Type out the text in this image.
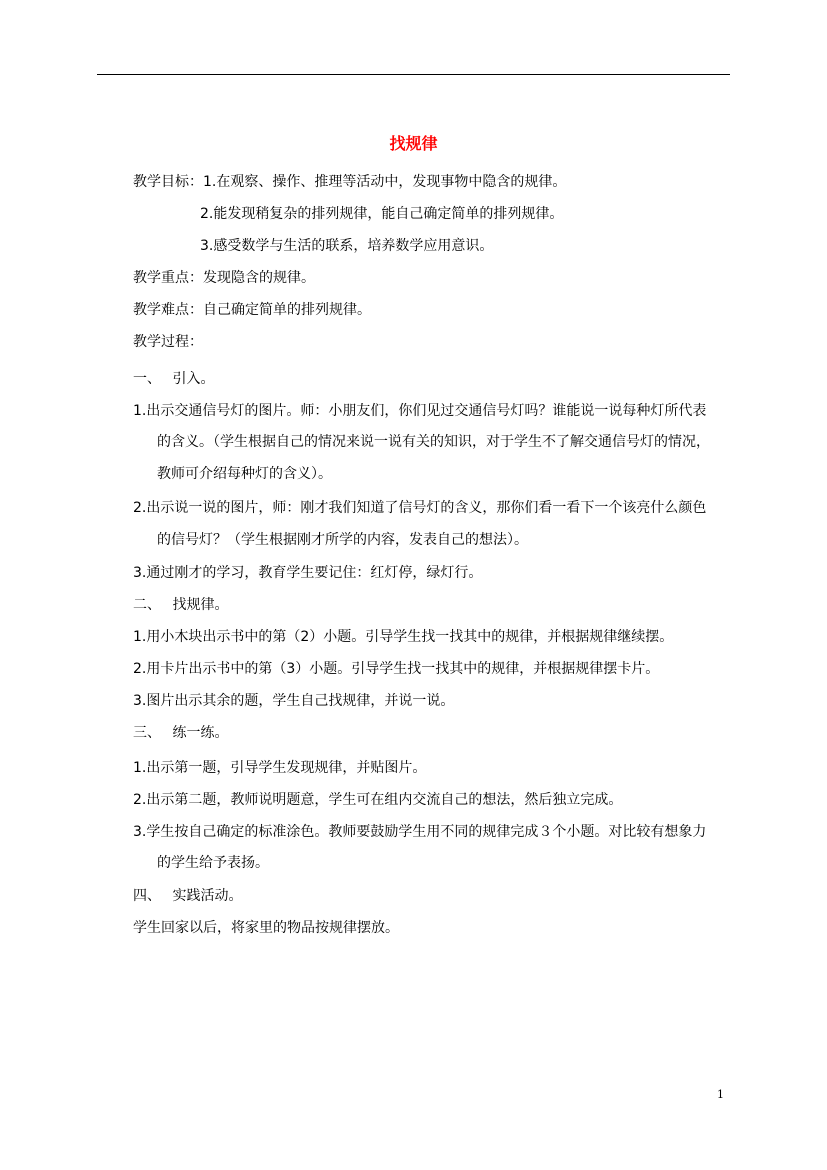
找规律
教学目标：1.在观察、操作、推理等活动中，发现事物中隐含的规律。
2.能发现稍复杂的排列规律，能自己确定简单的排列规律。
3.感受数学与生活的联系，培养数学应用意识。
教学重点：发现隐含的规律。
教学难点：自己确定简单的排列规律。
教学过程：
一、　 引入。
1.出示交通信号灯的图片。师：小朋友们，你们见过交通信号灯吗？谁能说一说每种灯所代表
的含义。（学生根据自己的情况来说一说有关的知识，对于学生不了解交通信号灯的情况，
教师可介绍每种灯的含义）。
2.出示说一说的图片，师：刚才我们知道了信号灯的含义，那你们看一看下一个该亮什么颜色
的信号灯？（学生根据刚才所学的内容，发表自己的想法）。
3.通过刚才的学习，教育学生要记住：红灯停，绿灯行。
二、　 找规律。
1.用小木块出示书中的第（2）小题。引导学生找一找其中的规律，并根据规律继续摆。
2.用卡片出示书中的第（3）小题。引导学生找一找其中的规律，并根据规律摆卡片。
3.图片出示其余的题，学生自己找规律，并说一说。
三、　 练一练。
1.出示第一题，引导学生发现规律，并贴图片。
2.出示第二题，教师说明题意，学生可在组内交流自己的想法，然后独立完成。
3.学生按自己确定的标准涂色。教师要鼓励学生用不同的规律完成３个小题。对比较有想象力
的学生给予表扬。
四、　 实践活动。
学生回家以后，将家里的物品按规律摆放。
1
